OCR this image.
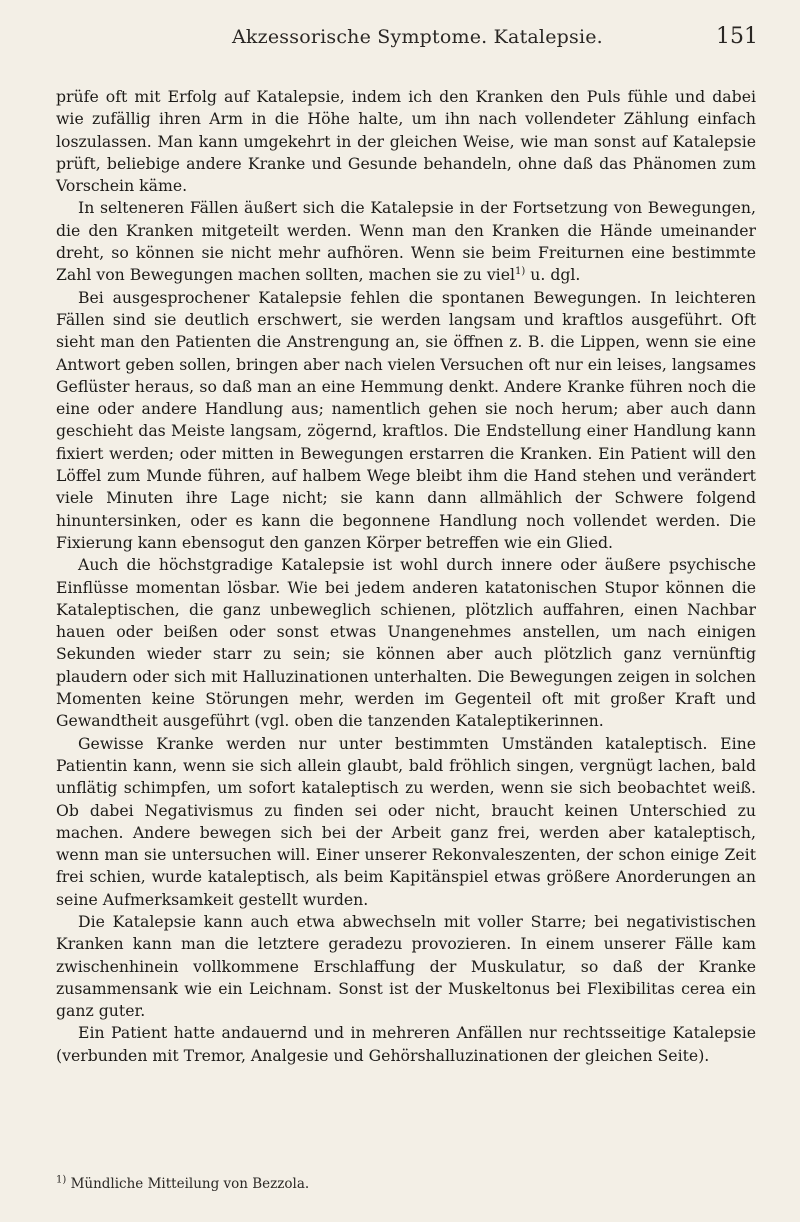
Akzessorische Symptome. Katalepsie.	151

prüfe oft mit Erfolg auf Katalepsie, indem ich den Kranken den Puls fühle und dabei wie zufällig ihren Arm in die Höhe halte, um ihn nach vollendeter Zählung einfach loszulassen. Man kann umgekehrt in der gleichen Weise, wie man sonst auf Katalepsie prüft, beliebige andere Kranke und Gesunde behandeln, ohne daß das Phänomen zum Vorschein käme.

In selteneren Fällen äußert sich die Katalepsie in der Fortsetzung von Bewegungen, die den Kranken mitgeteilt werden. Wenn man den Kranken die Hände umeinander dreht, so können sie nicht mehr aufhören. Wenn sie beim Freiturnen eine bestimmte Zahl von Bewegungen machen sollten, machen sie zu viel$^{1)}$ u. dgl.

Bei ausgesprochener Katalepsie fehlen die spontanen Bewegungen. In leichteren Fällen sind sie deutlich erschwert, sie werden langsam und kraftlos ausgeführt. Oft sieht man den Patienten die Anstrengung an, sie öffnen z. B. die Lippen, wenn sie eine Antwort geben sollen, bringen aber nach vielen Versuchen oft nur ein leises, langsames Geflüster heraus, so daß man an eine Hemmung denkt. Andere Kranke führen noch die eine oder andere Handlung aus; namentlich gehen sie noch herum; aber auch dann geschieht das Meiste langsam, zögernd, kraftlos. Die Endstellung einer Handlung kann fixiert werden; oder mitten in Bewegungen erstarren die Kranken. Ein Patient will den Löffel zum Munde führen, auf halbem Wege bleibt ihm die Hand stehen und verändert viele Minuten ihre Lage nicht; sie kann dann allmählich der Schwere folgend hinuntersinken, oder es kann die begonnene Handlung noch vollendet werden. Die Fixierung kann ebensogut den ganzen Körper betreffen wie ein Glied.

Auch die höchstgradige Katalepsie ist wohl durch innere oder äußere psychische Einflüsse momentan lösbar. Wie bei jedem anderen katatonischen Stupor können die Kataleptischen, die ganz unbeweglich schienen, plötzlich auffahren, einen Nachbar hauen oder beißen oder sonst etwas Unangenehmes anstellen, um nach einigen Sekunden wieder starr zu sein; sie können aber auch plötzlich ganz vernünftig plaudern oder sich mit Halluzinationen unterhalten. Die Bewegungen zeigen in solchen Momenten keine Störungen mehr, werden im Gegenteil oft mit großer Kraft und Gewandtheit ausgeführt (vgl. oben die tanzenden Kataleptikerinnen.

Gewisse Kranke werden nur unter bestimmten Umständen kataleptisch. Eine Patientin kann, wenn sie sich allein glaubt, bald fröhlich singen, vergnügt lachen, bald unflätig schimpfen, um sofort kataleptisch zu werden, wenn sie sich beobachtet weiß. Ob dabei Negativismus zu finden sei oder nicht, braucht keinen Unterschied zu machen. Andere bewegen sich bei der Arbeit ganz frei, werden aber kataleptisch, wenn man sie untersuchen will. Einer unserer Rekonvaleszenten, der schon einige Zeit frei schien, wurde kataleptisch, als beim Kapitänspiel etwas größere Anorderungen an seine Aufmerksamkeit gestellt wurden.

Die Katalepsie kann auch etwa abwechseln mit voller Starre; bei negativistischen Kranken kann man die letztere geradezu provozieren. In einem unserer Fälle kam zwischenhinein vollkommene Erschlaffung der Muskulatur, so daß der Kranke zusammensank wie ein Leichnam. Sonst ist der Muskeltonus bei Flexibilitas cerea ein ganz guter.

Ein Patient hatte andauernd und in mehreren Anfällen nur rechtsseitige Katalepsie (verbunden mit Tremor, Analgesie und Gehörshalluzinationen der gleichen Seite).

$^{1)}$ Mündliche Mitteilung von Bezzola.
